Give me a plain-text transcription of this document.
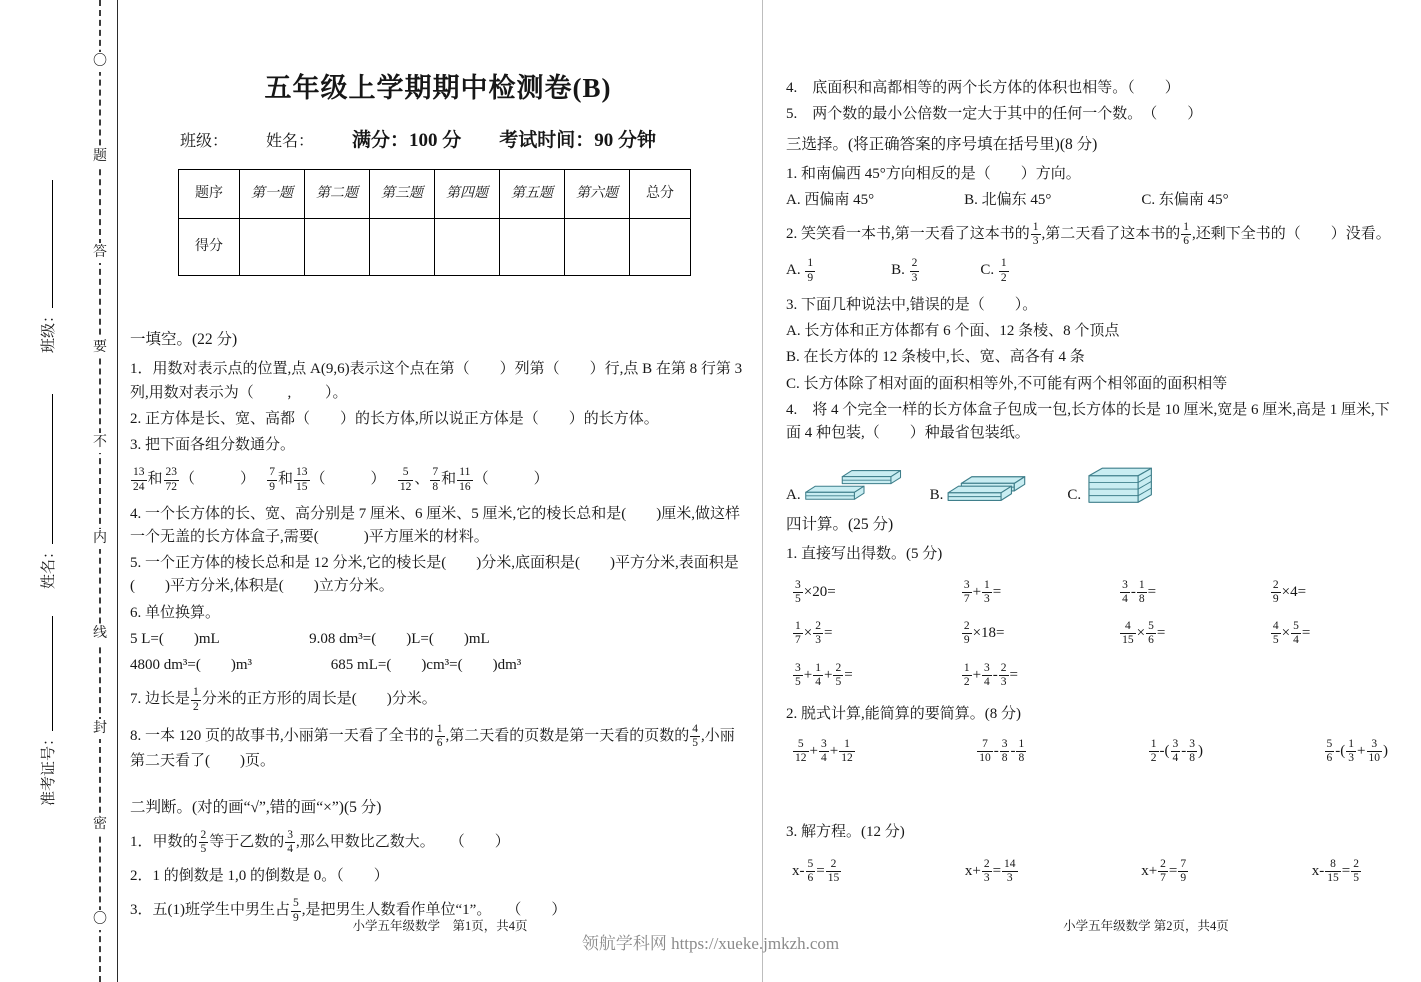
〇
题
答
要
不
内
线
封
密
〇
班级：
姓名：
准考证号：
五年级上学期期中检测卷(B)
班级： 姓名： 满分：100 分 考试时间：90 分钟
题序	第一题	第二题	第三题	第四题	第五题	第六题	总分
得分							

一填空。(22 分)

1．用数对表示点的位置,点 A(9,6)表示这个点在第（　　）列第（　　）行,点 B 在第 8 行第 3 列,用数对表示为（　　 ,　　 ）。
2. 正方体是长、宽、高都（　　）的长方体,所以说正方体是（　　）的长方体。
3. 把下面各组分数通分。
$\frac{13}{24}$ 和 $\frac{23}{72}$ （　　　）　 $\frac{7}{9}$ 和 $\frac{13}{15}$ （　　　）　 $\frac{5}{12}$ 、 $\frac{7}{8}$ 和 $\frac{11}{16}$ （　　　）
4. 一个长方体的长、宽、高分别是 7 厘米、6 厘米、5 厘米,它的棱长总和是(　　)厘米,做这样一个无盖的长方体盒子,需要(　　　)平方厘米的材料。
5. 一个正方体的棱长总和是 12 分米,它的棱长是(　　)分米,底面积是(　　)平方分米,表面积是(　　)平方分米,体积是(　　)立方分米。
6. 单位换算。
5 L=(　　)mL　　　　　　9.08 dm³=(　　)L=(　　)mL
4800 dm³=(　　)m³　　　　　 685 mL=(　　)cm³=(　　)dm³
7. 边长是 $\frac{1}{2}$ 分米的正方形的周长是(　　)分米。
8. 一本 120 页的故事书,小丽第一天看了全书的 $\frac{1}{6}$ ,第二天看的页数是第一天看的页数的 $\frac{4}{5}$ ,小丽第二天看了(　　)页。

二判断。(对的画“√”,错的画“×”)(5 分)

1．甲数的 $\frac{2}{5}$ 等于乙数的 $\frac{3}{4}$ ,那么甲数比乙数大。　　（　　）
2．1 的倒数是 1,0 的倒数是 0。（　　）
3．五(1)班学生中男生占 $\frac{5}{9}$ ,是把男生人数看作单位“1”。　　（　　）
4.　底面积和高都相等的两个长方体的体积也相等。（　　）
5.　两个数的最小公倍数一定大于其中的任何一个数。　（　　）

三选择。(将正确答案的序号填在括号里)(8 分)

1. 和南偏西 45°方向相反的是（　　）方向。
A. 西偏南 45°　　　　　　B. 北偏东 45°　　　　　　C. 东偏南 45°
2. 笑笑看一本书,第一天看了这本书的 $\frac{1}{3}$ ,第二天看了这本书的 $\frac{1}{6}$ ,还剩下全书的（　　）没看。
A. $\frac{1}{9}$ 　　　　　B. $\frac{2}{3}$ 　　　　C. $\frac{1}{2}$
3. 下面几种说法中,错误的是（　　）。
A. 长方体和正方体都有 6 个面、12 条棱、8 个顶点
B. 在长方体的 12 条棱中,长、宽、高各有 4 条
C. 长方体除了相对面的面积相等外,不可能有两个相邻面的面积相等
4.　将 4 个完全一样的长方体盒子包成一包,长方体的长是 10 厘米,宽是 6 厘米,高是 1 厘米,下面 4 种包装,（　　）种最省包装纸。
A.	B.	C.

四计算。(25 分)

1. 直接写出得数。(5 分)
$\frac{3}{5} \times 20=$	$\frac{3}{7} + \frac{1}{3}$ =	$\frac{3}{4} - \frac{1}{8}$ =	$\frac{2}{9} \times 4=$
$\frac{1}{7} \times \frac{2}{3}$ =	$\frac{2}{9} \times 18=$	$\frac{4}{15} \times \frac{5}{6}$ =	$\frac{4}{5} \times \frac{5}{4}$ =
$\frac{3}{5} + \frac{1}{4} + \frac{2}{5}$ =	$\frac{1}{2} + \frac{3}{4} - \frac{2}{3}$ =
2. 脱式计算,能简算的要简算。(8 分)
$\frac{5}{12} + \frac{3}{4} + \frac{1}{12}$	$\frac{7}{10} - \frac{3}{8} - \frac{1}{8}$	$\frac{1}{2}$ -( $\frac{3}{4} - \frac{3}{8}$ )	$\frac{5}{6}$ -( $\frac{1}{3} + \frac{3}{10}$ )
3. 解方程。(12 分)
$x- \frac{5}{6} = \frac{2}{15}$	$x+ \frac{2}{3} = \frac{14}{3}$	$x+ \frac{2}{7} = \frac{7}{9}$	$x- \frac{8}{15} = \frac{2}{5}$
小学五年级数学　第1页，共4页
领航学科网 https://xueke.jmkzh.com
小学五年级数学 第2页，共4页
